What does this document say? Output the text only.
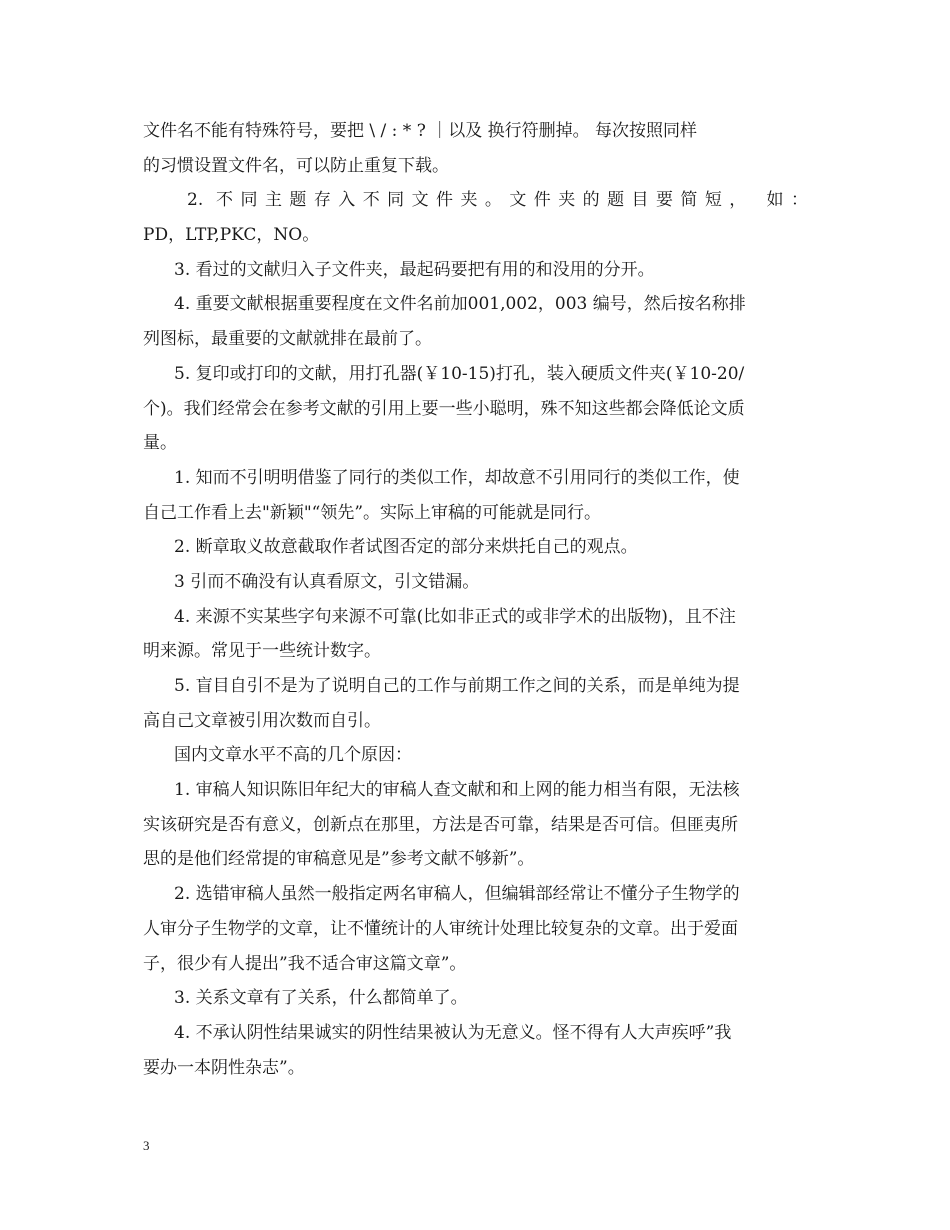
文件名不能有特殊符号，要把 \ / : * ? ｜以及 换行符删掉。 每次按照同样
的习惯设置文件名，可以防止重复下载。
2. 不同主题存入不同文件夹。文件夹的题目要简短， 如：
PD，LTP,PKC，NO。
3. 看过的文献归入子文件夹，最起码要把有用的和没用的分开。
4. 重要文献根据重要程度在文件名前加001,002，003 编号，然后按名称排
列图标，最重要的文献就排在最前了。
5. 复印或打印的文献，用打孔器(￥10-15)打孔，装入硬质文件夹(￥10-20/
个)。我们经常会在参考文献的引用上要一些小聪明，殊不知这些都会降低论文质
量。
1. 知而不引明明借鉴了同行的类似工作，却故意不引用同行的类似工作，使
自己工作看上去"新颖"“领先”。实际上审稿的可能就是同行。
2. 断章取义故意截取作者试图否定的部分来烘托自己的观点。
3 引而不确没有认真看原文，引文错漏。
4. 来源不实某些字句来源不可靠(比如非正式的或非学术的出版物)，且不注
明来源。常见于一些统计数字。
5. 盲目自引不是为了说明自己的工作与前期工作之间的关系，而是单纯为提
高自己文章被引用次数而自引。
国内文章水平不高的几个原因：
1. 审稿人知识陈旧年纪大的审稿人查文献和和上网的能力相当有限，无法核
实该研究是否有意义，创新点在那里，方法是否可靠，结果是否可信。但匪夷所
思的是他们经常提的审稿意见是”参考文献不够新”。
2. 选错审稿人虽然一般指定两名审稿人，但编辑部经常让不懂分子生物学的
人审分子生物学的文章，让不懂统计的人审统计处理比较复杂的文章。出于爱面
子，很少有人提出”我不适合审这篇文章”。
3. 关系文章有了关系，什么都简单了。
4. 不承认阴性结果诚实的阴性结果被认为无意义。怪不得有人大声疾呼”我
要办一本阴性杂志”。
3
